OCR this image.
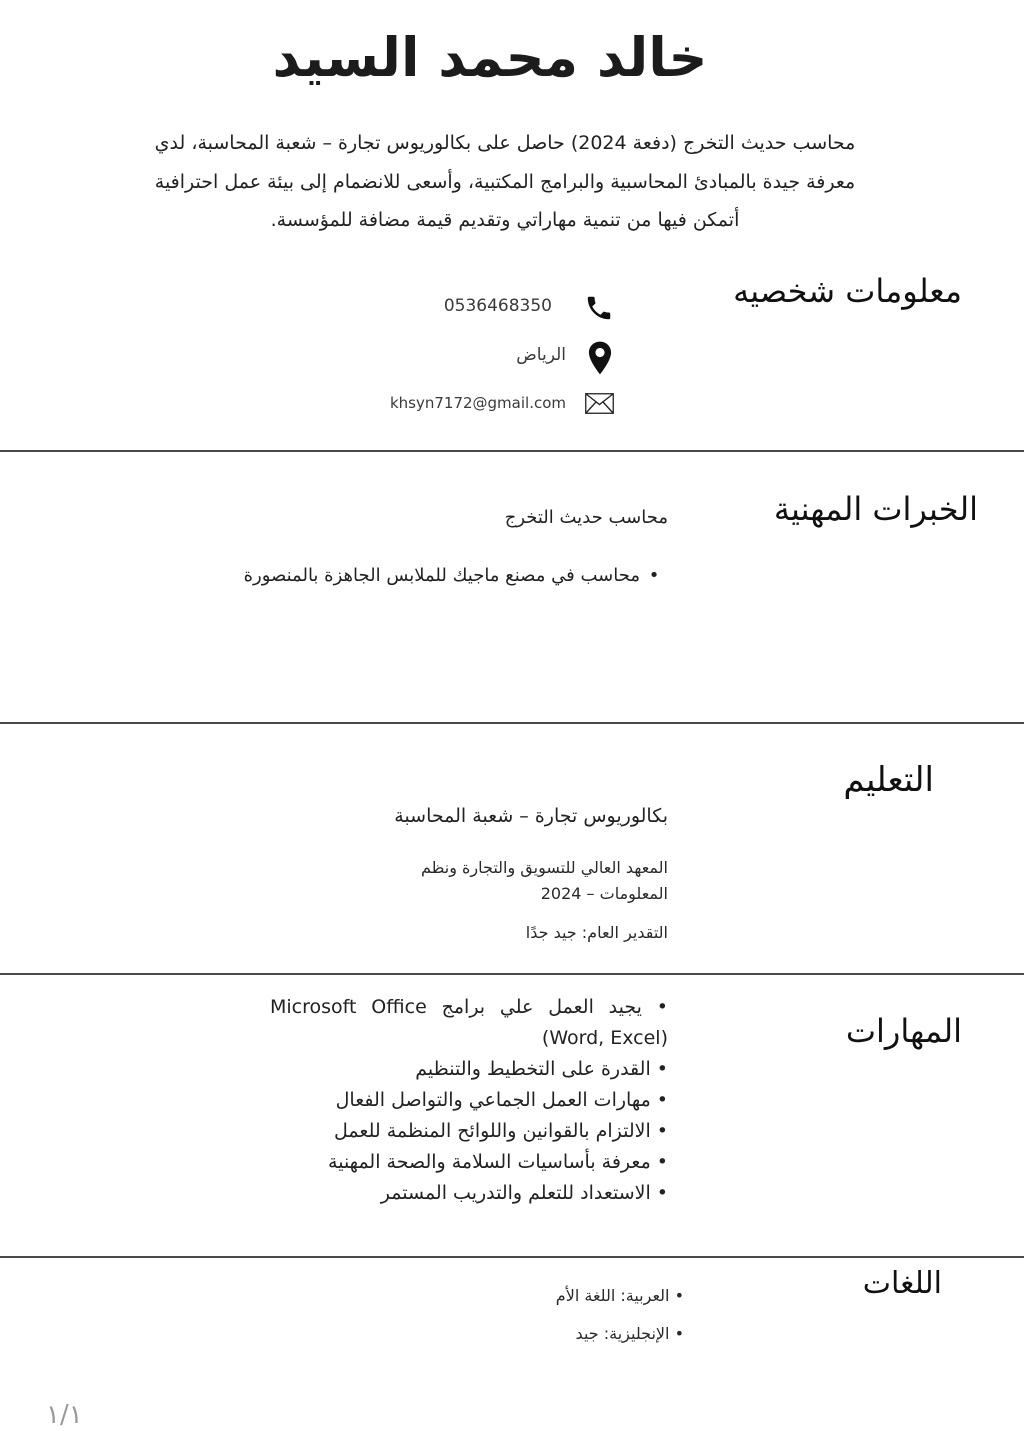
خالد محمد السيد
محاسب حديث التخرج (دفعة 2024) حاصل على بكالوريوس تجارة – شعبة المحاسبة، لدي معرفة جيدة بالمبادئ المحاسبية والبرامج المكتبية، وأسعى للانضمام إلى بيئة عمل احترافية أتمكن فيها من تنمية مهاراتي وتقديم قيمة مضافة للمؤسسة.
معلومات شخصيه
0536468350
الرياض
khsyn7172@gmail.com
الخبرات المهنية
محاسب حديث التخرج
•محاسب في مصنع ماجيك للملابس الجاهزة بالمنصورة
التعليم
بكالوريوس تجارة – شعبة المحاسبة
المعهد العالي للتسويق والتجارة ونظم
المعلومات – 2024
التقدير العام: جيد جدًا
المهارات
• يجيد العمل علي برامج Microsoft Office (Word, Excel)
• القدرة على التخطيط والتنظيم
• مهارات العمل الجماعي والتواصل الفعال
• الالتزام بالقوانين واللوائح المنظمة للعمل
• معرفة بأساسيات السلامة والصحة المهنية
• الاستعداد للتعلم والتدريب المستمر
اللغات
• العربية: اللغة الأم
• الإنجليزية: جيد
١/١
